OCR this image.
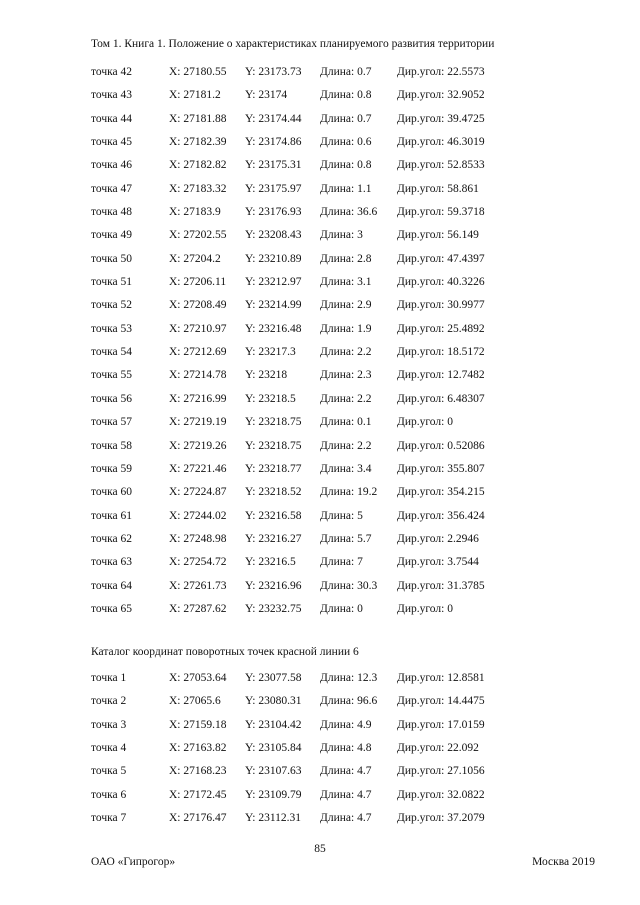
Том 1. Книга 1. Положение о характеристиках планируемого развития территории
точка 42	X: 27180.55 Y: 23173.73 Длина: 0.7 Дир.угол: 22.5573
точка 43	X: 27181.2 Y: 23174	Длина: 0.8 Дир.угол: 32.9052
точка 44	X: 27181.88 Y: 23174.44 Длина: 0.7 Дир.угол: 39.4725
точка 45	X: 27182.39 Y: 23174.86 Длина: 0.6 Дир.угол: 46.3019
точка 46	X: 27182.82 Y: 23175.31 Длина: 0.8 Дир.угол: 52.8533
точка 47	X: 27183.32 Y: 23175.97 Длина: 1.1 Дир.угол: 58.861
точка 48	X: 27183.9 Y: 23176.93 Длина: 36.6 Дир.угол: 59.3718
точка 49	X: 27202.55 Y: 23208.43 Длина: 3	Дир.угол: 56.149
точка 50	X: 27204.2 Y: 23210.89 Длина: 2.8 Дир.угол: 47.4397
точка 51	X: 27206.11 Y: 23212.97 Длина: 3.1 Дир.угол: 40.3226
точка 52	X: 27208.49 Y: 23214.99 Длина: 2.9 Дир.угол: 30.9977
точка 53	X: 27210.97 Y: 23216.48 Длина: 1.9 Дир.угол: 25.4892
точка 54	X: 27212.69 Y: 23217.3 Длина: 2.2 Дир.угол: 18.5172
точка 55	X: 27214.78 Y: 23218	Длина: 2.3 Дир.угол: 12.7482
точка 56	X: 27216.99 Y: 23218.5 Длина: 2.2 Дир.угол: 6.48307
точка 57	X: 27219.19 Y: 23218.75 Длина: 0.1 Дир.угол: 0
точка 58	X: 27219.26 Y: 23218.75 Длина: 2.2 Дир.угол: 0.52086
точка 59	X: 27221.46 Y: 23218.77 Длина: 3.4 Дир.угол: 355.807
точка 60	X: 27224.87 Y: 23218.52 Длина: 19.2 Дир.угол: 354.215
точка 61	X: 27244.02 Y: 23216.58 Длина: 5	Дир.угол: 356.424
точка 62	X: 27248.98 Y: 23216.27 Длина: 5.7 Дир.угол: 2.2946
точка 63	X: 27254.72 Y: 23216.5 Длина: 7	Дир.угол: 3.7544
точка 64	X: 27261.73 Y: 23216.96 Длина: 30.3 Дир.угол: 31.3785
точка 65	X: 27287.62 Y: 23232.75 Длина: 0	Дир.угол: 0
Каталог координат поворотных точек красной линии 6
точка 1	X: 27053.64 Y: 23077.58 Длина: 12.3 Дир.угол: 12.8581
точка 2	X: 27065.6 Y: 23080.31 Длина: 96.6 Дир.угол: 14.4475
точка 3	X: 27159.18 Y: 23104.42 Длина: 4.9 Дир.угол: 17.0159
точка 4	X: 27163.82 Y: 23105.84 Длина: 4.8 Дир.угол: 22.092
точка 5	X: 27168.23 Y: 23107.63 Длина: 4.7 Дир.угол: 27.1056
точка 6	X: 27172.45 Y: 23109.79 Длина: 4.7 Дир.угол: 32.0822
точка 7	X: 27176.47 Y: 23112.31 Длина: 4.7 Дир.угол: 37.2079
85
ОАО «Гипрогор»	Москва 2019
